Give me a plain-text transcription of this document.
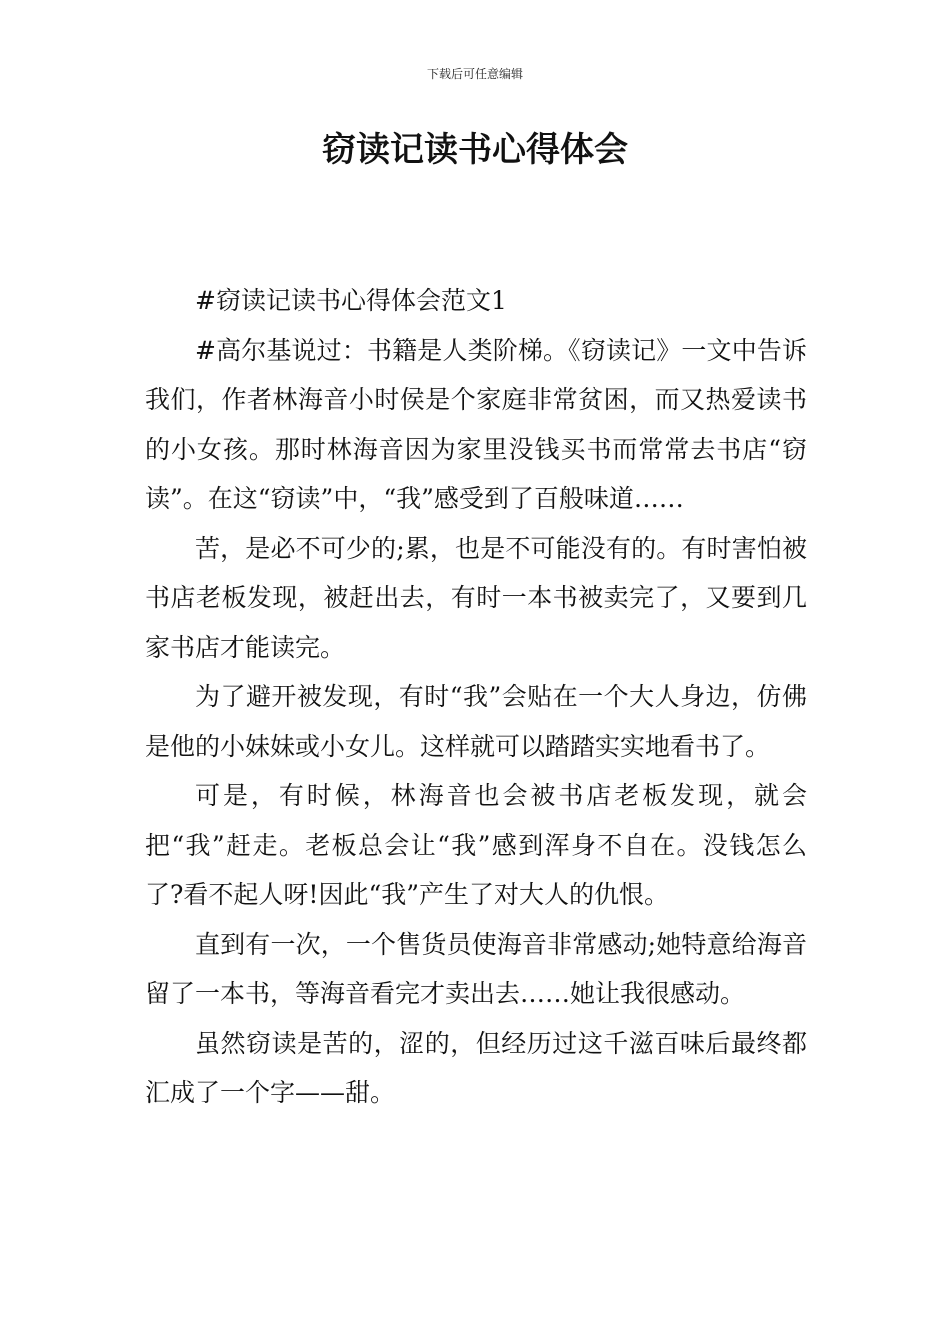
下载后可任意编辑
窃读记读书心得体会

#窃读记读书心得体会范文1

#高尔基说过：书籍是人类阶梯。《窃读记》一文中告诉我们，作者林海音小时侯是个家庭非常贫困，而又热爱读书的小女孩。那时林海音因为家里没钱买书而常常去书店“窃读”。在这“窃读”中，“我”感受到了百般味道……

苦，是必不可少的;累，也是不可能没有的。有时害怕被书店老板发现，被赶出去，有时一本书被卖完了，又要到几家书店才能读完。

为了避开被发现，有时“我”会贴在一个大人身边，仿佛是他的小妹妹或小女儿。这样就可以踏踏实实地看书了。

可是，有时候，林海音也会被书店老板发现，就会把“我”赶走。老板总会让“我”感到浑身不自在。没钱怎么了?看不起人呀!因此“我”产生了对大人的仇恨。

直到有一次，一个售货员使海音非常感动;她特意给海音留了一本书，等海音看完才卖出去……她让我很感动。

虽然窃读是苦的，涩的，但经历过这千滋百味后最终都汇成了一个字——甜。
